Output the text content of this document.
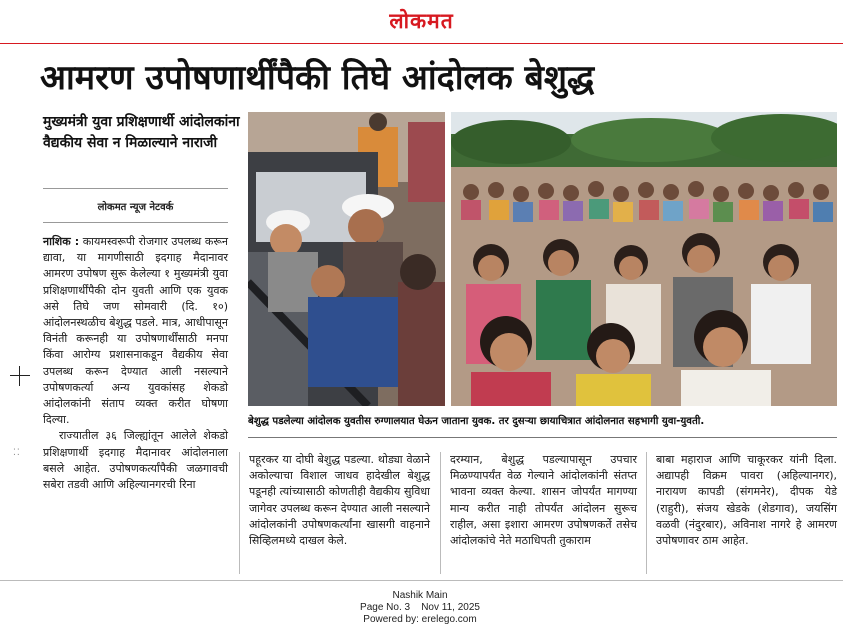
लोकमत
आमरण उपोषणार्थींपैकी तिघे आंदोलक बेशुद्ध
मुख्यमंत्री युवा प्रशिक्षणार्थी आंदोलकांना वैद्यकीय सेवा न मिळाल्याने नाराजी
लोकमत न्यूज नेटवर्क

नाशिक : कायमस्वरूपी रोजगार उपलब्ध करून द्यावा, या मागणीसाठी इदगाह मैदानावर आमरण उपोषण सुरू केलेल्या १ मुख्यमंत्री युवा प्रशिक्षणार्थींपैकी दोन युवती आणि एक युवक असे तिघे जण सोमवारी (दि. १०) आंदोलनस्थळीच बेशुद्ध पडले. मात्र, आधीपासून विनंती करूनही या उपोषणार्थींसाठी मनपा किंवा आरोग्य प्रशासनाकडून वैद्यकीय सेवा उपलब्ध करून देण्यात आली नसल्याने उपोषणकर्त्या अन्य युवकांसह शेकडो आंदोलकांनी संताप व्यक्त करीत घोषणा दिल्या.

राज्यातील ३६ जिल्ह्यांतून आलेले शेकडो प्रशिक्षणार्थी इदगाह मैदानावर आंदोलनाला बसले आहेत. उपोषणकर्त्यांपैकी जळगावची सबेरा तडवी आणि अहिल्यानगरची रिना

पहूरकर या दोघी बेशुद्ध पडल्या. थोड्या वेळाने अकोल्याचा विशाल जाधव हादेखील बेशुद्ध पडूनही त्यांच्यासाठी कोणतीही वैद्यकीय सुविधा जागेवर उपलब्ध करून देण्यात आली नसल्याने आंदोलकांनी उपोषणकर्त्यांना खासगी वाहनाने सिव्हिलमध्ये दाखल केले.

दरम्यान, बेशुद्ध पडल्यापासून उपचार मिळण्यापर्यंत वेळ गेल्याने आंदोलकांनी संतप्त भावना व्यक्त केल्या. शासन जोपर्यंत मागण्या मान्य करीत नाही तोपर्यंत आंदोलन सुरूच राहील, असा इशारा आमरण उपोषणकर्ते तसेच आंदोलकांचे नेते मठाधिपती तुकाराम

बाबा महाराज आणि चाकूरकर यांनी दिला. अद्यापही विक्रम पावरा (अहिल्यानगर), नारायण कापडी (संगमनेर), दीपक येडे (राहुरी), संजय खेडके (शेडगाव), जयसिंग वळवी (नंदुरबार), अविनाश नागरे हे आमरण उपोषणावर ठाम आहेत.

बेशुद्ध पडलेल्या आंदोलक युवतीस रुग्णालयात घेऊन जाताना युवक. तर दुसऱ्या छायाचित्रात आंदोलनात सहभागी युवा-युवती.
⁚⁚
Nashik Main
Page No. 3    Nov 11, 2025
Powered by: erelego.com
